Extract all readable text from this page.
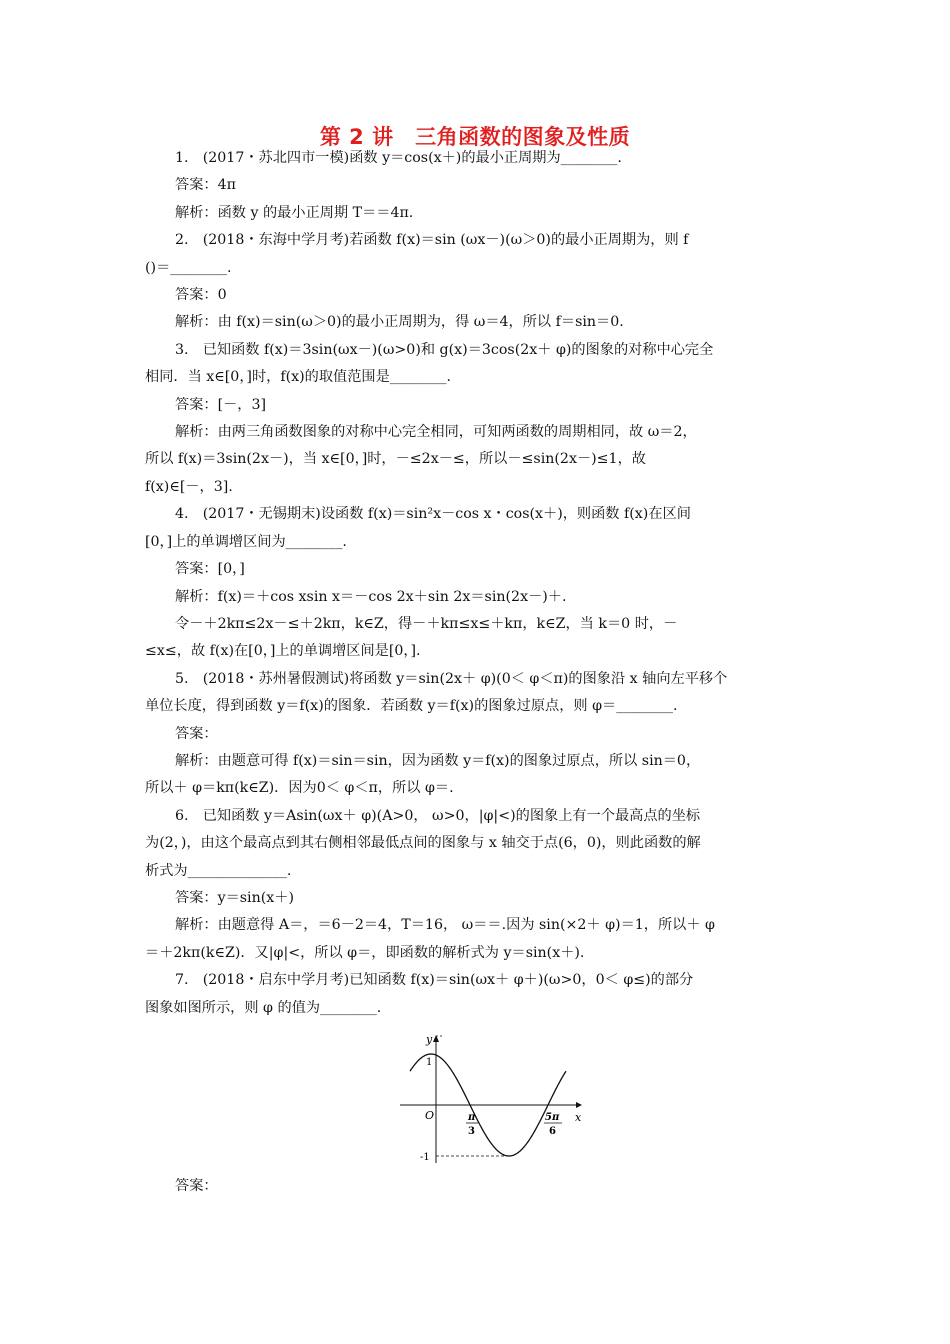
第 2 讲　三角函数的图象及性质

1.　(2017・苏北四市一模)函数 y＝cos(x＋)的最小正周期为________.

答案：4π

解析：函数 y 的最小正周期 T＝＝4π.

2.　(2018・东海中学月考)若函数 f(x)＝sin (ωx－)(ω＞0)的最小正周期为，则 f

()＝________.

答案：0

解析：由 f(x)＝sin(ω＞0)的最小正周期为，得 ω＝4，所以 f＝sin＝0.

3.　已知函数 f(x)＝3sin(ωx－)(ω>0)和 g(x)＝3cos(2x＋ φ)的图象的对称中心完全

相同．当 x∈[0，]时，f(x)的取值范围是________.

答案：[－，3]

解析：由两三角函数图象的对称中心完全相同，可知两函数的周期相同，故 ω＝2，

所以 f(x)＝3sin(2x－)，当 x∈[0，]时，－≤2x－≤，所以－≤sin(2x－)≤1，故

f(x)∈[－，3].

4.　(2017・无锡期末)设函数 f(x)＝sin²x－cos x・cos(x＋)，则函数 f(x)在区间

[0，]上的单调增区间为________.

答案：[0，]

解析：f(x)＝＋cos xsin x＝－cos 2x＋sin 2x＝sin(2x－)＋.

令－＋2kπ≤2x－≤＋2kπ，k∈Z，得－＋kπ≤x≤＋kπ，k∈Z，当 k＝0 时，－

≤x≤，故 f(x)在[0，]上的单调增区间是[0，].

5.　(2018・苏州暑假测试)将函数 y＝sin(2x＋ φ)(0＜ φ＜π)的图象沿 x 轴向左平移个

单位长度，得到函数 y＝f(x)的图象．若函数 y＝f(x)的图象过原点，则 φ＝________.

答案：

解析：由题意可得 f(x)＝sin＝sin，因为函数 y＝f(x)的图象过原点，所以 sin＝0，

所以＋ φ＝kπ(k∈Z)．因为0＜ φ＜π，所以 φ＝.

6.　已知函数 y＝Asin(ωx＋ φ)(A>0， ω>0，|φ|<)的图象上有一个最高点的坐标

为(2，)，由这个最高点到其右侧相邻最低点间的图象与 x 轴交于点(6，0)，则此函数的解

析式为______________.

答案：y＝sin(x＋)

解析：由题意得 A＝，＝6－2＝4，T＝16， ω＝＝.因为 sin(×2＋ φ)＝1，所以＋ φ

＝＋2kπ(k∈Z)．又|φ|<，所以 φ＝，即函数的解析式为 y＝sin(x＋).

7.　(2018・启东中学月考)已知函数 f(x)＝sin(ωx＋ φ＋)(ω>0，0＜ φ≤)的部分

图象如图所示，则 φ 的值为________.

y
x
O
1
-1
π
3
5π
6

答案：
